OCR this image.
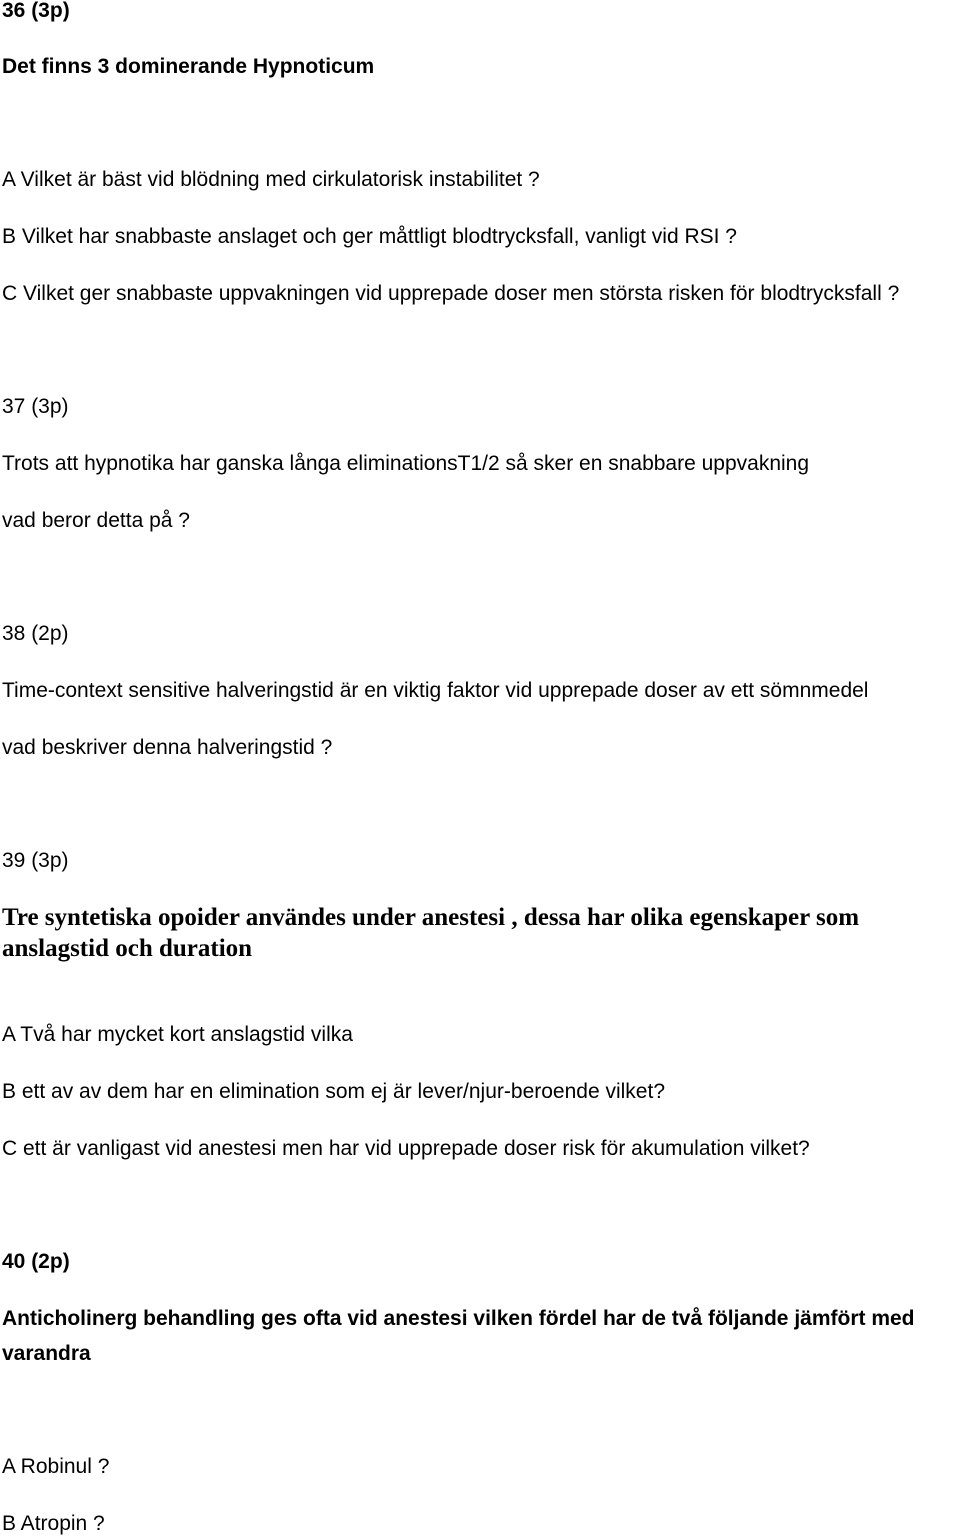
36 (3p)

Det finns 3 dominerande Hypnoticum

A Vilket är bäst vid blödning med cirkulatorisk instabilitet ?

B Vilket har snabbaste anslaget och ger måttligt blodtrycksfall, vanligt vid RSI ?

C Vilket ger snabbaste uppvakningen vid upprepade doser men största risken för blodtrycksfall ?

37 (3p)

Trots att hypnotika har ganska långa eliminationsT1/2 så sker en snabbare uppvakning

vad beror detta på ?

38 (2p)

Time-context sensitive halveringstid är en viktig faktor vid upprepade doser av ett sömnmedel

vad beskriver denna halveringstid ?

39 (3p)

Tre syntetiska opoider användes under anestesi , dessa har olika egenskaper som

anslagstid och duration

A Två har mycket kort anslagstid vilka

B ett av av dem har en elimination som ej är lever/njur-beroende vilket?

C ett är vanligast vid anestesi men har vid upprepade doser risk för akumulation vilket?

40 (2p)

Anticholinerg behandling ges ofta vid anestesi vilken fördel har de två följande jämfört med

varandra

A Robinul ?

B Atropin ?
